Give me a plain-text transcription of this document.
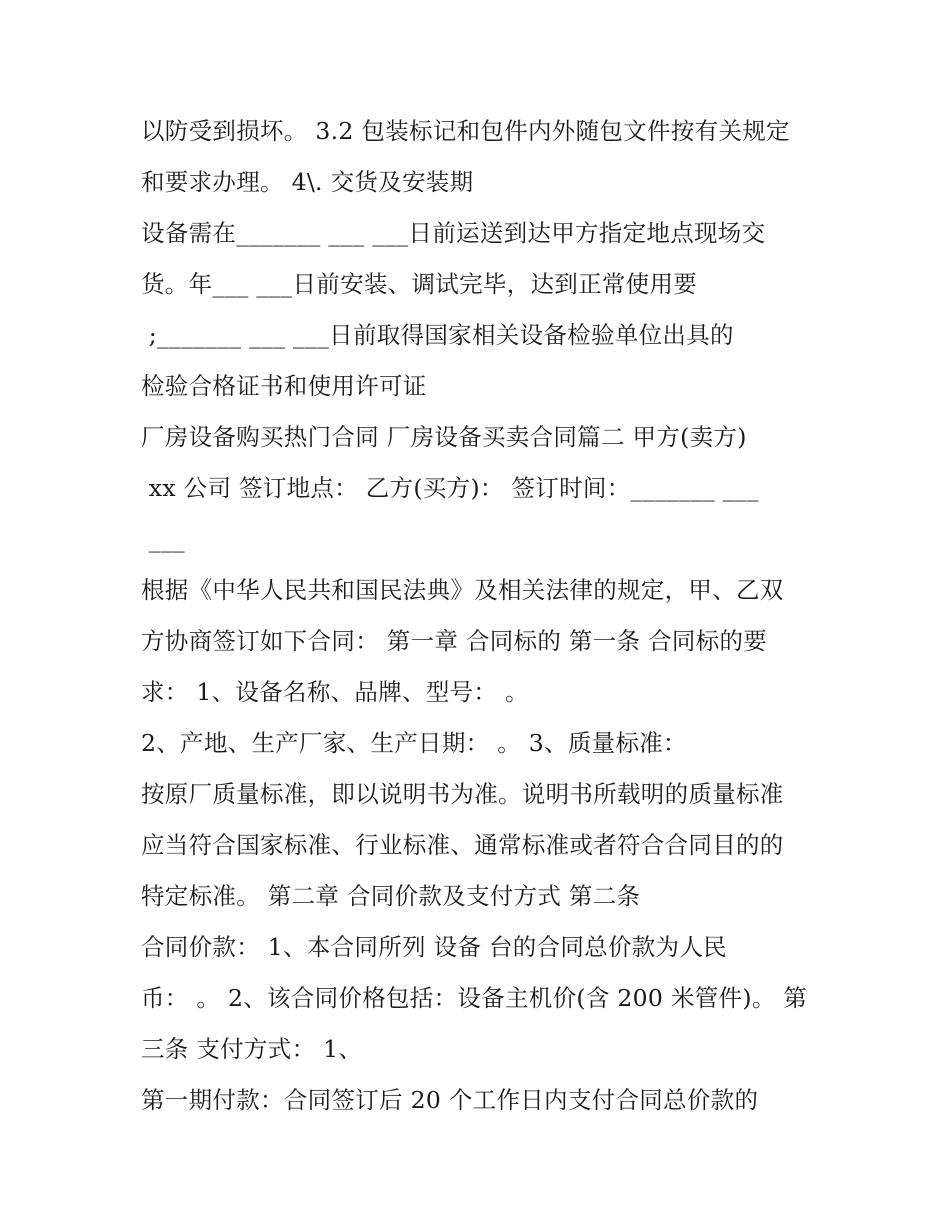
以防受到损坏。 3.2 包装标记和包件内外随包文件按有关规定
和要求办理。 4\. 交货及安装期
设备需在_______ ___ ___日前运送到达甲方指定地点现场交
货。年___ ___日前安装、调试完毕，达到正常使用要
;_______ ___ ___日前取得国家相关设备检验单位出具的
检验合格证书和使用许可证
厂房设备购买热门合同 厂房设备买卖合同篇二 甲方(卖方)
xx 公司 签订地点： 乙方(买方)： 签订时间：_______ ___
___
根据《中华人民共和国民法典》及相关法律的规定，甲、乙双
方协商签订如下合同： 第一章 合同标的 第一条 合同标的要
求： 1、设备名称、品牌、型号： 。
2、产地、生产厂家、生产日期： 。 3、质量标准：
按原厂质量标准，即以说明书为准。说明书所载明的质量标准
应当符合国家标准、行业标准、通常标准或者符合合同目的的
特定标准。 第二章 合同价款及支付方式 第二条
合同价款： 1、本合同所列 设备 台的合同总价款为人民
币： 。 2、该合同价格包括：设备主机价(含 200 米管件)。 第
三条 支付方式： 1、
第一期付款：合同签订后 20 个工作日内支付合同总价款的
